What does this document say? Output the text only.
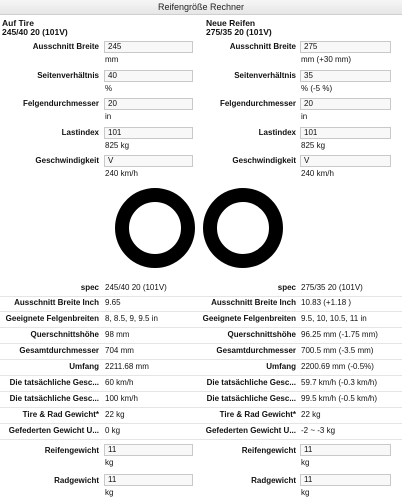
Reifengröße Rechner
Auf Tire
245/40 20 (101V)
Neue Reifen
275/35 20 (101V)
Ausschnitt Breite	245
mm
Seitenverhältnis	40
%
Felgendurchmesser	20
in
Lastindex	101
825 kg
Geschwindigkeit	V
240 km/h
Ausschnitt Breite	275
mm (+30 mm)
Seitenverhältnis	35
% (-5 %)
Felgendurchmesser	20
in
Lastindex	101
825 kg
Geschwindigkeit	V
240 km/h
spec 245/40 20 (101V)	spec 275/35 20 (101V)
Ausschnitt Breite Inch 9.65	Ausschnitt Breite Inch 10.83 (+1.18 )
Geeignete Felgenbreiten 8, 8.5, 9, 9.5 in	Geeignete Felgenbreiten 9.5, 10, 10.5, 11 in
Querschnittshöhe 98 mm	Querschnittshöhe 96.25 mm (-1.75 mm)
Gesamtdurchmesser 704 mm	Gesamtdurchmesser 700.5 mm (-3.5 mm)
Umfang 2211.68 mm	Umfang 2200.69 mm (-0.5%)
Die tatsächliche Gesc... 60 km/h	Die tatsächliche Gesc... 59.7 km/h (-0.3 km/h)
Die tatsächliche Gesc... 100 km/h	Die tatsächliche Gesc... 99.5 km/h (-0.5 km/h)
Tire & Rad Gewicht* 22 kg	Tire & Rad Gewicht* 22 kg
Gefederten Gewicht U... 0 kg	Gefederten Gewicht U... -2 ~ -3 kg
Reifengewicht	11
kg
Reifengewicht	11
kg
Radgewicht	11
kg
Radgewicht	11
kg
